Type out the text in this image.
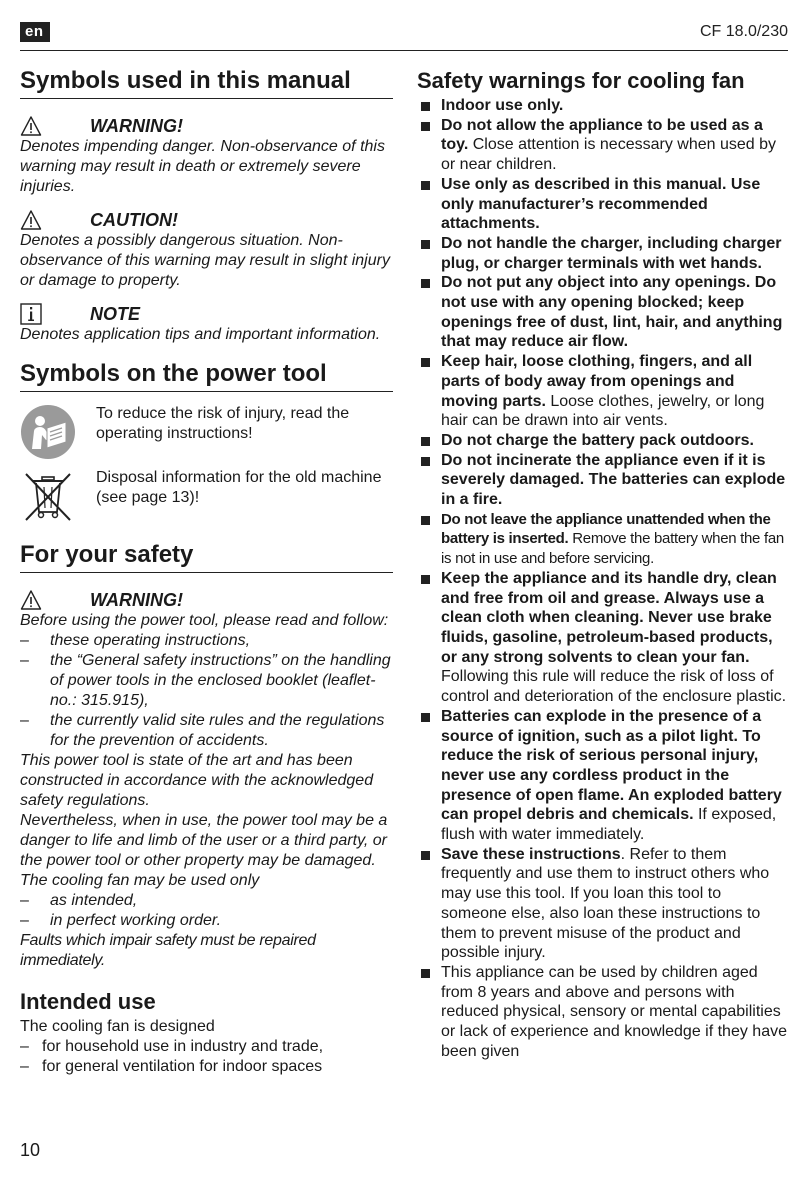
en	CF 18.0/230
Symbols used in this manual
WARNING!
Denotes impending danger. Non-observance of this warning may result in death or extremely severe injuries.
CAUTION!
Denotes a possibly dangerous situation. Non-observance of this warning may result in slight injury or damage to property.
NOTE
Denotes application tips and important information.
Symbols on the power tool
To reduce the risk of injury, read the operating instructions!
Disposal information for the old machine (see page 13)!
For your safety
WARNING!
Before using the power tool, please read and follow:
–	these operating instructions,
–	the “General safety instructions” on the handling of power tools in the enclosed booklet (leaflet-no.: 315.915),
–	the currently valid site rules and the regulations for the prevention of accidents.
This power tool is state of the art and has been constructed in accordance with the acknowledged safety regulations.
Nevertheless, when in use, the power tool may be a danger to life and limb of the user or a third party, or the power tool or other property may be damaged.
The cooling fan may be used only
–	as intended,
–	in perfect working order.
Faults which impair safety must be repaired immediately.
Intended use
The cooling fan is designed
– for household use in industry and trade,
– for general ventilation for indoor spaces
Safety warnings for cooling fan
Indoor use only.
Do not allow the appliance to be used as a toy. Close attention is necessary when used by or near children.
Use only as described in this manual. Use only manufacturer’s recommended attachments.
Do not handle the charger, including charger plug, or charger terminals with wet hands.
Do not put any object into any openings. Do not use with any opening blocked; keep openings free of dust, lint, hair, and anything that may reduce air flow.
Keep hair, loose clothing, fingers, and all parts of body away from openings and moving parts. Loose clothes, jewelry, or long hair can be drawn into air vents.
Do not charge the battery pack outdoors.
Do not incinerate the appliance even if it is severely damaged. The batteries can explode in a fire.
Do not leave the appliance unattended when the battery is inserted. Remove the battery when the fan is not in use and before servicing.
Keep the appliance and its handle dry, clean and free from oil and grease. Always use a clean cloth when cleaning. Never use brake fluids, gasoline, petroleum-based products, or any strong solvents to clean your fan. Following this rule will reduce the risk of loss of control and deterioration of the enclosure plastic.
Batteries can explode in the presence of a source of ignition, such as a pilot light. To reduce the risk of serious personal injury, never use any cordless product in the presence of open flame. An exploded battery can propel debris and chemicals. If exposed, flush with water immediately.
Save these instructions. Refer to them frequently and use them to instruct others who may use this tool. If you loan this tool to someone else, also loan these instructions to them to prevent misuse of the product and possible injury.
This appliance can be used by children aged from 8 years and above and persons with reduced physical, sensory or mental capabilities or lack of experience and knowledge if they have been given
10
